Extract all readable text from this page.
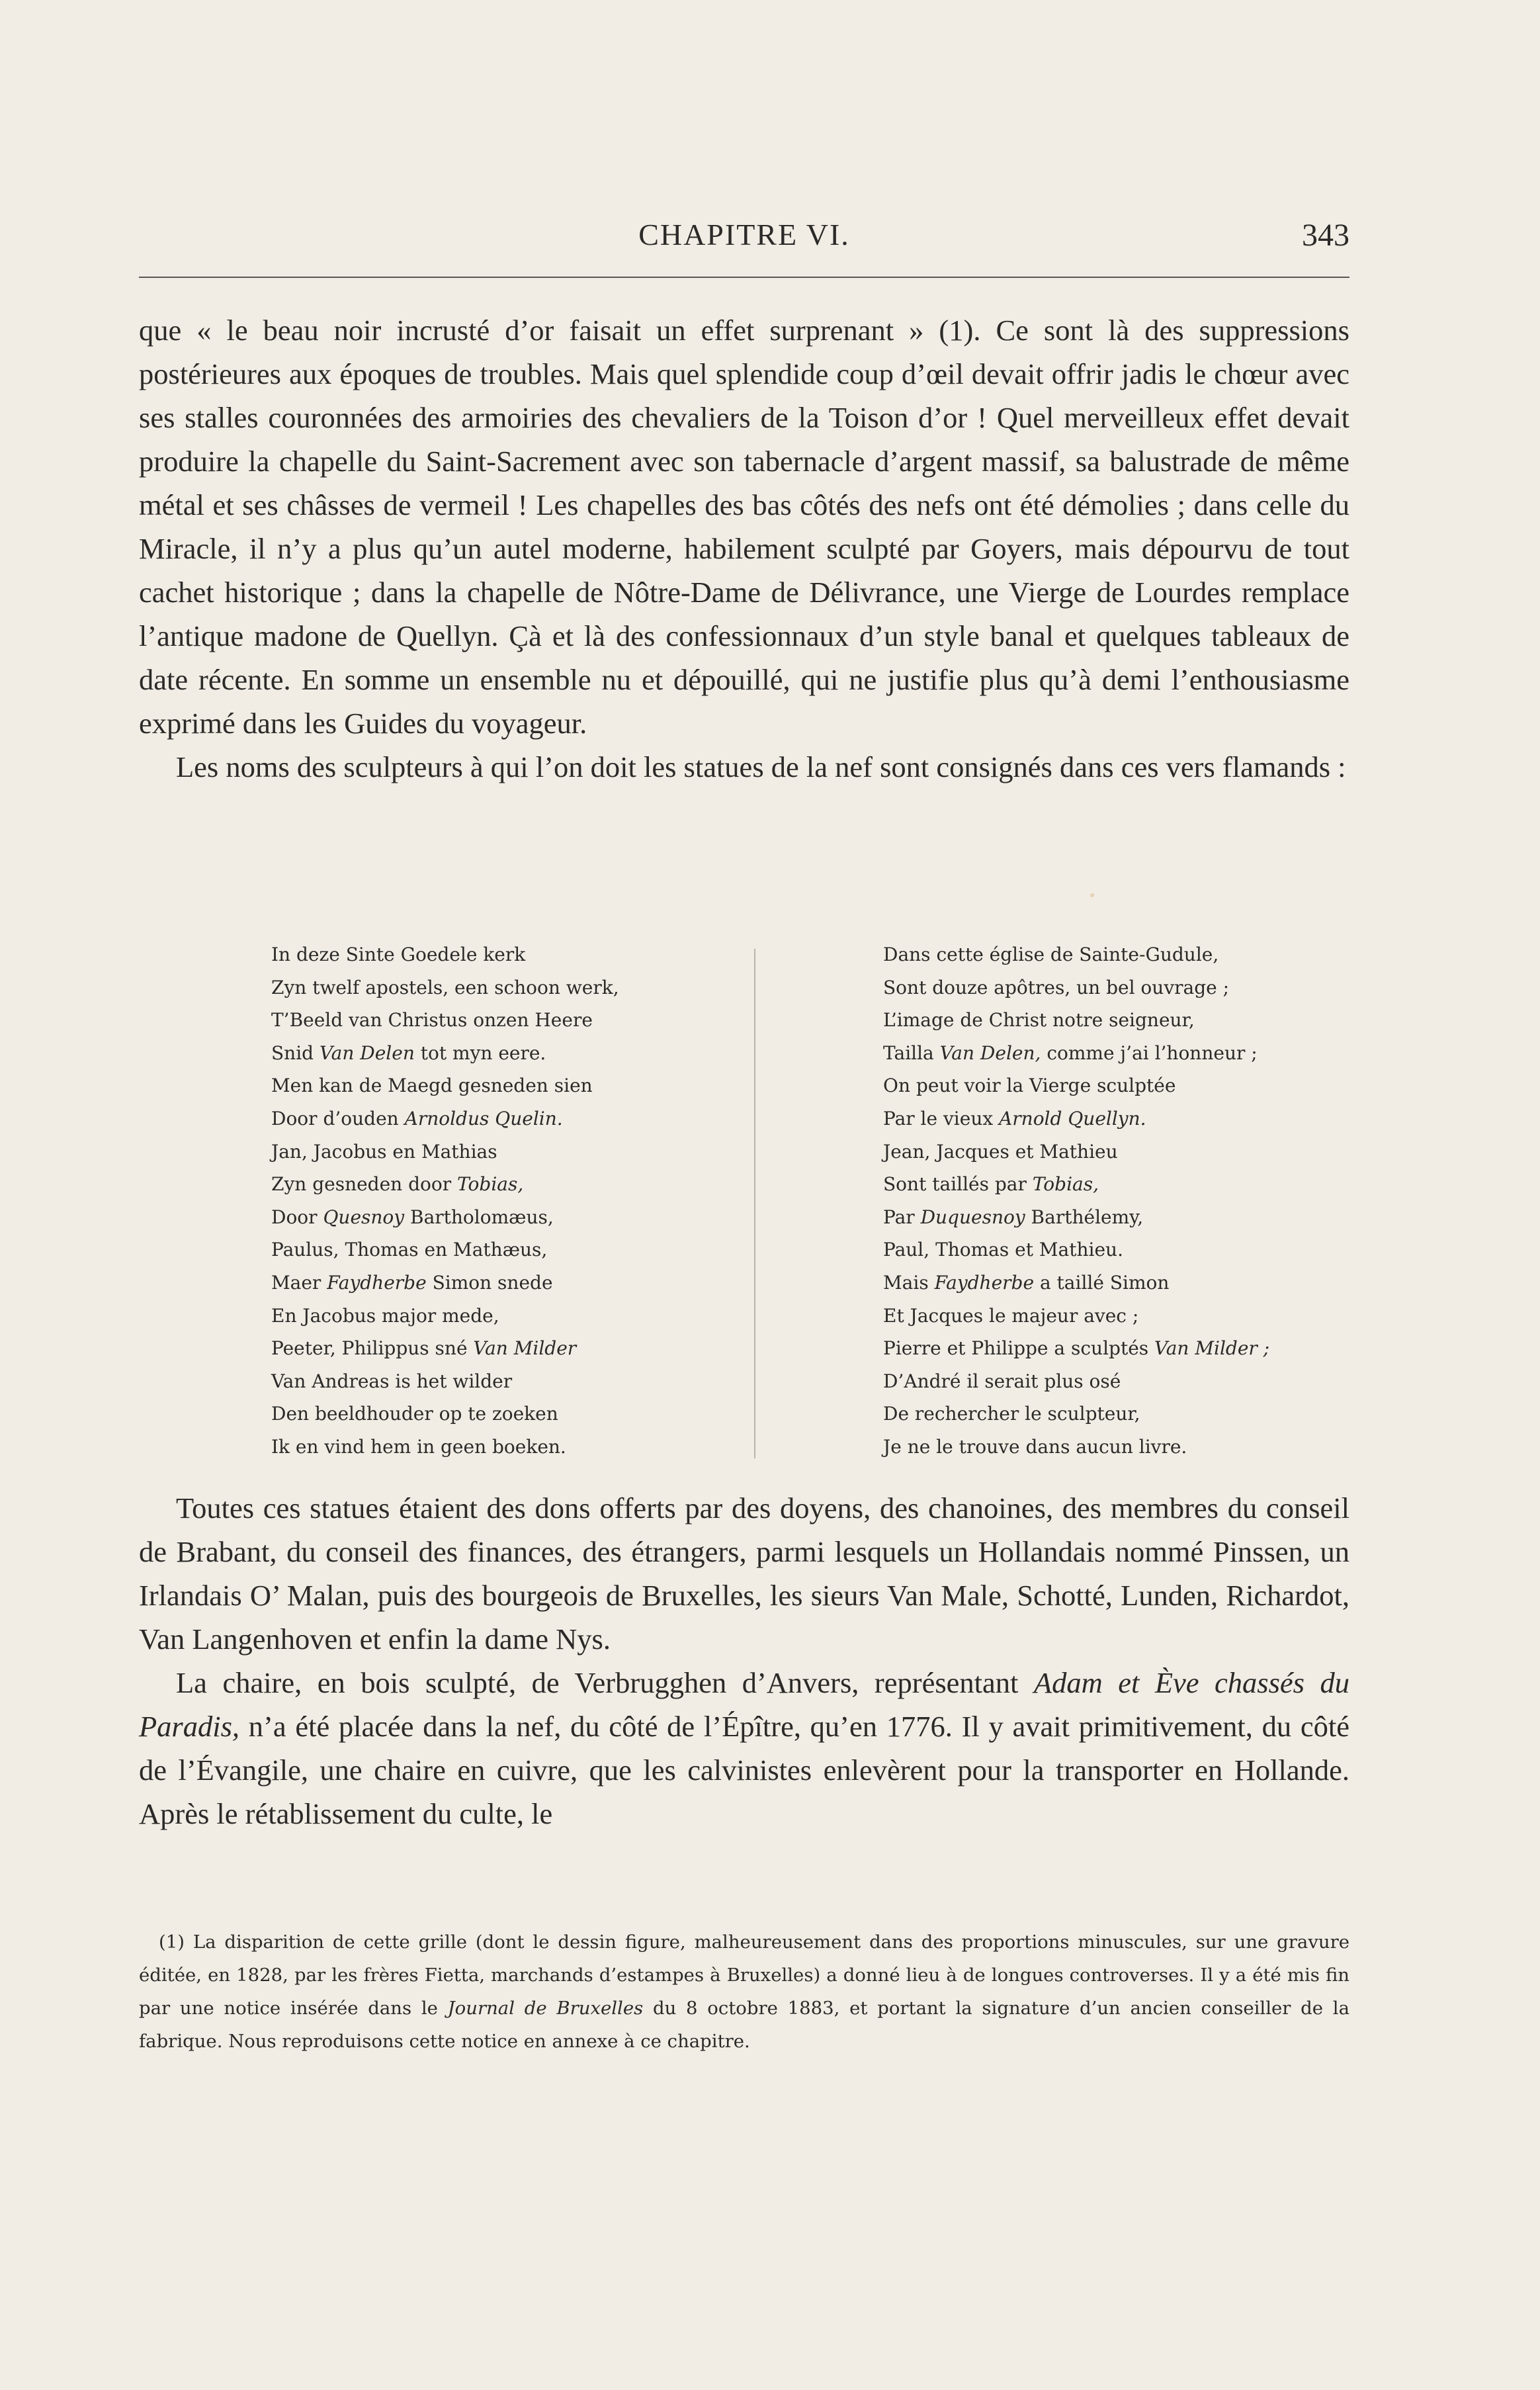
CHAPITRE VI.	343

que « le beau noir incrusté d’or faisait un effet surprenant » (1). Ce sont là des suppressions postérieures aux époques de troubles. Mais quel splendide coup d’œil devait offrir jadis le chœur avec ses stalles couronnées des armoiries des chevaliers de la Toison d’or ! Quel merveilleux effet devait produire la chapelle du Saint-Sacrement avec son tabernacle d’argent massif, sa balustrade de même métal et ses châsses de vermeil ! Les chapelles des bas côtés des nefs ont été démolies ; dans celle du Miracle, il n’y a plus qu’un autel moderne, habilement sculpté par Goyers, mais dépourvu de tout cachet historique ; dans la chapelle de Nôtre-Dame de Délivrance, une Vierge de Lourdes remplace l’antique madone de Quellyn. Çà et là des confessionnaux d’un style banal et quelques tableaux de date récente. En somme un ensemble nu et dépouillé, qui ne justifie plus qu’à demi l’enthousiasme exprimé dans les Guides du voyageur.

Les noms des sculpteurs à qui l’on doit les statues de la nef sont consignés dans ces vers flamands :

In deze Sinte Goedele kerk
Zyn twelf apostels, een schoon werk,
T’Beeld van Christus onzen Heere
Snid Van Delen tot myn eere.
Men kan de Maegd gesneden sien
Door d’ouden Arnoldus Quelin.
Jan, Jacobus en Mathias
Zyn gesneden door Tobias,
Door Quesnoy Bartholomæus,
Paulus, Thomas en Mathæus,
Maer Faydherbe Simon snede
En Jacobus major mede,
Peeter, Philippus sné Van Milder
Van Andreas is het wilder
Den beeldhouder op te zoeken
Ik en vind hem in geen boeken.
Dans cette église de Sainte-Gudule,
Sont douze apôtres, un bel ouvrage ;
L’image de Christ notre seigneur,
Tailla Van Delen, comme j’ai l’honneur ;
On peut voir la Vierge sculptée
Par le vieux Arnold Quellyn.
Jean, Jacques et Mathieu
Sont taillés par Tobias,
Par Duquesnoy Barthélemy,
Paul, Thomas et Mathieu.
Mais Faydherbe a taillé Simon
Et Jacques le majeur avec ;
Pierre et Philippe a sculptés Van Milder ;
D’André il serait plus osé
De rechercher le sculpteur,
Je ne le trouve dans aucun livre.

Toutes ces statues étaient des dons offerts par des doyens, des chanoines, des membres du conseil de Brabant, du conseil des finances, des étrangers, parmi lesquels un Hollandais nommé Pinssen, un Irlandais O’ Malan, puis des bourgeois de Bruxelles, les sieurs Van Male, Schotté, Lunden, Richardot, Van Langenhoven et enfin la dame Nys.

La chaire, en bois sculpté, de Verbrugghen d’Anvers, représentant Adam et Ève chassés du Paradis, n’a été placée dans la nef, du côté de l’Épître, qu’en 1776. Il y avait primitivement, du côté de l’Évangile, une chaire en cuivre, que les calvinistes enlevèrent pour la transporter en Hollande. Après le rétablissement du culte, le

(1) La disparition de cette grille (dont le dessin figure, malheureusement dans des proportions minuscules, sur une gravure éditée, en 1828, par les frères Fietta, marchands d’estampes à Bruxelles) a donné lieu à de longues controverses. Il y a été mis fin par une notice insérée dans le Journal de Bruxelles du 8 octobre 1883, et portant la signature d’un ancien conseiller de la fabrique. Nous reproduisons cette notice en annexe à ce chapitre.
